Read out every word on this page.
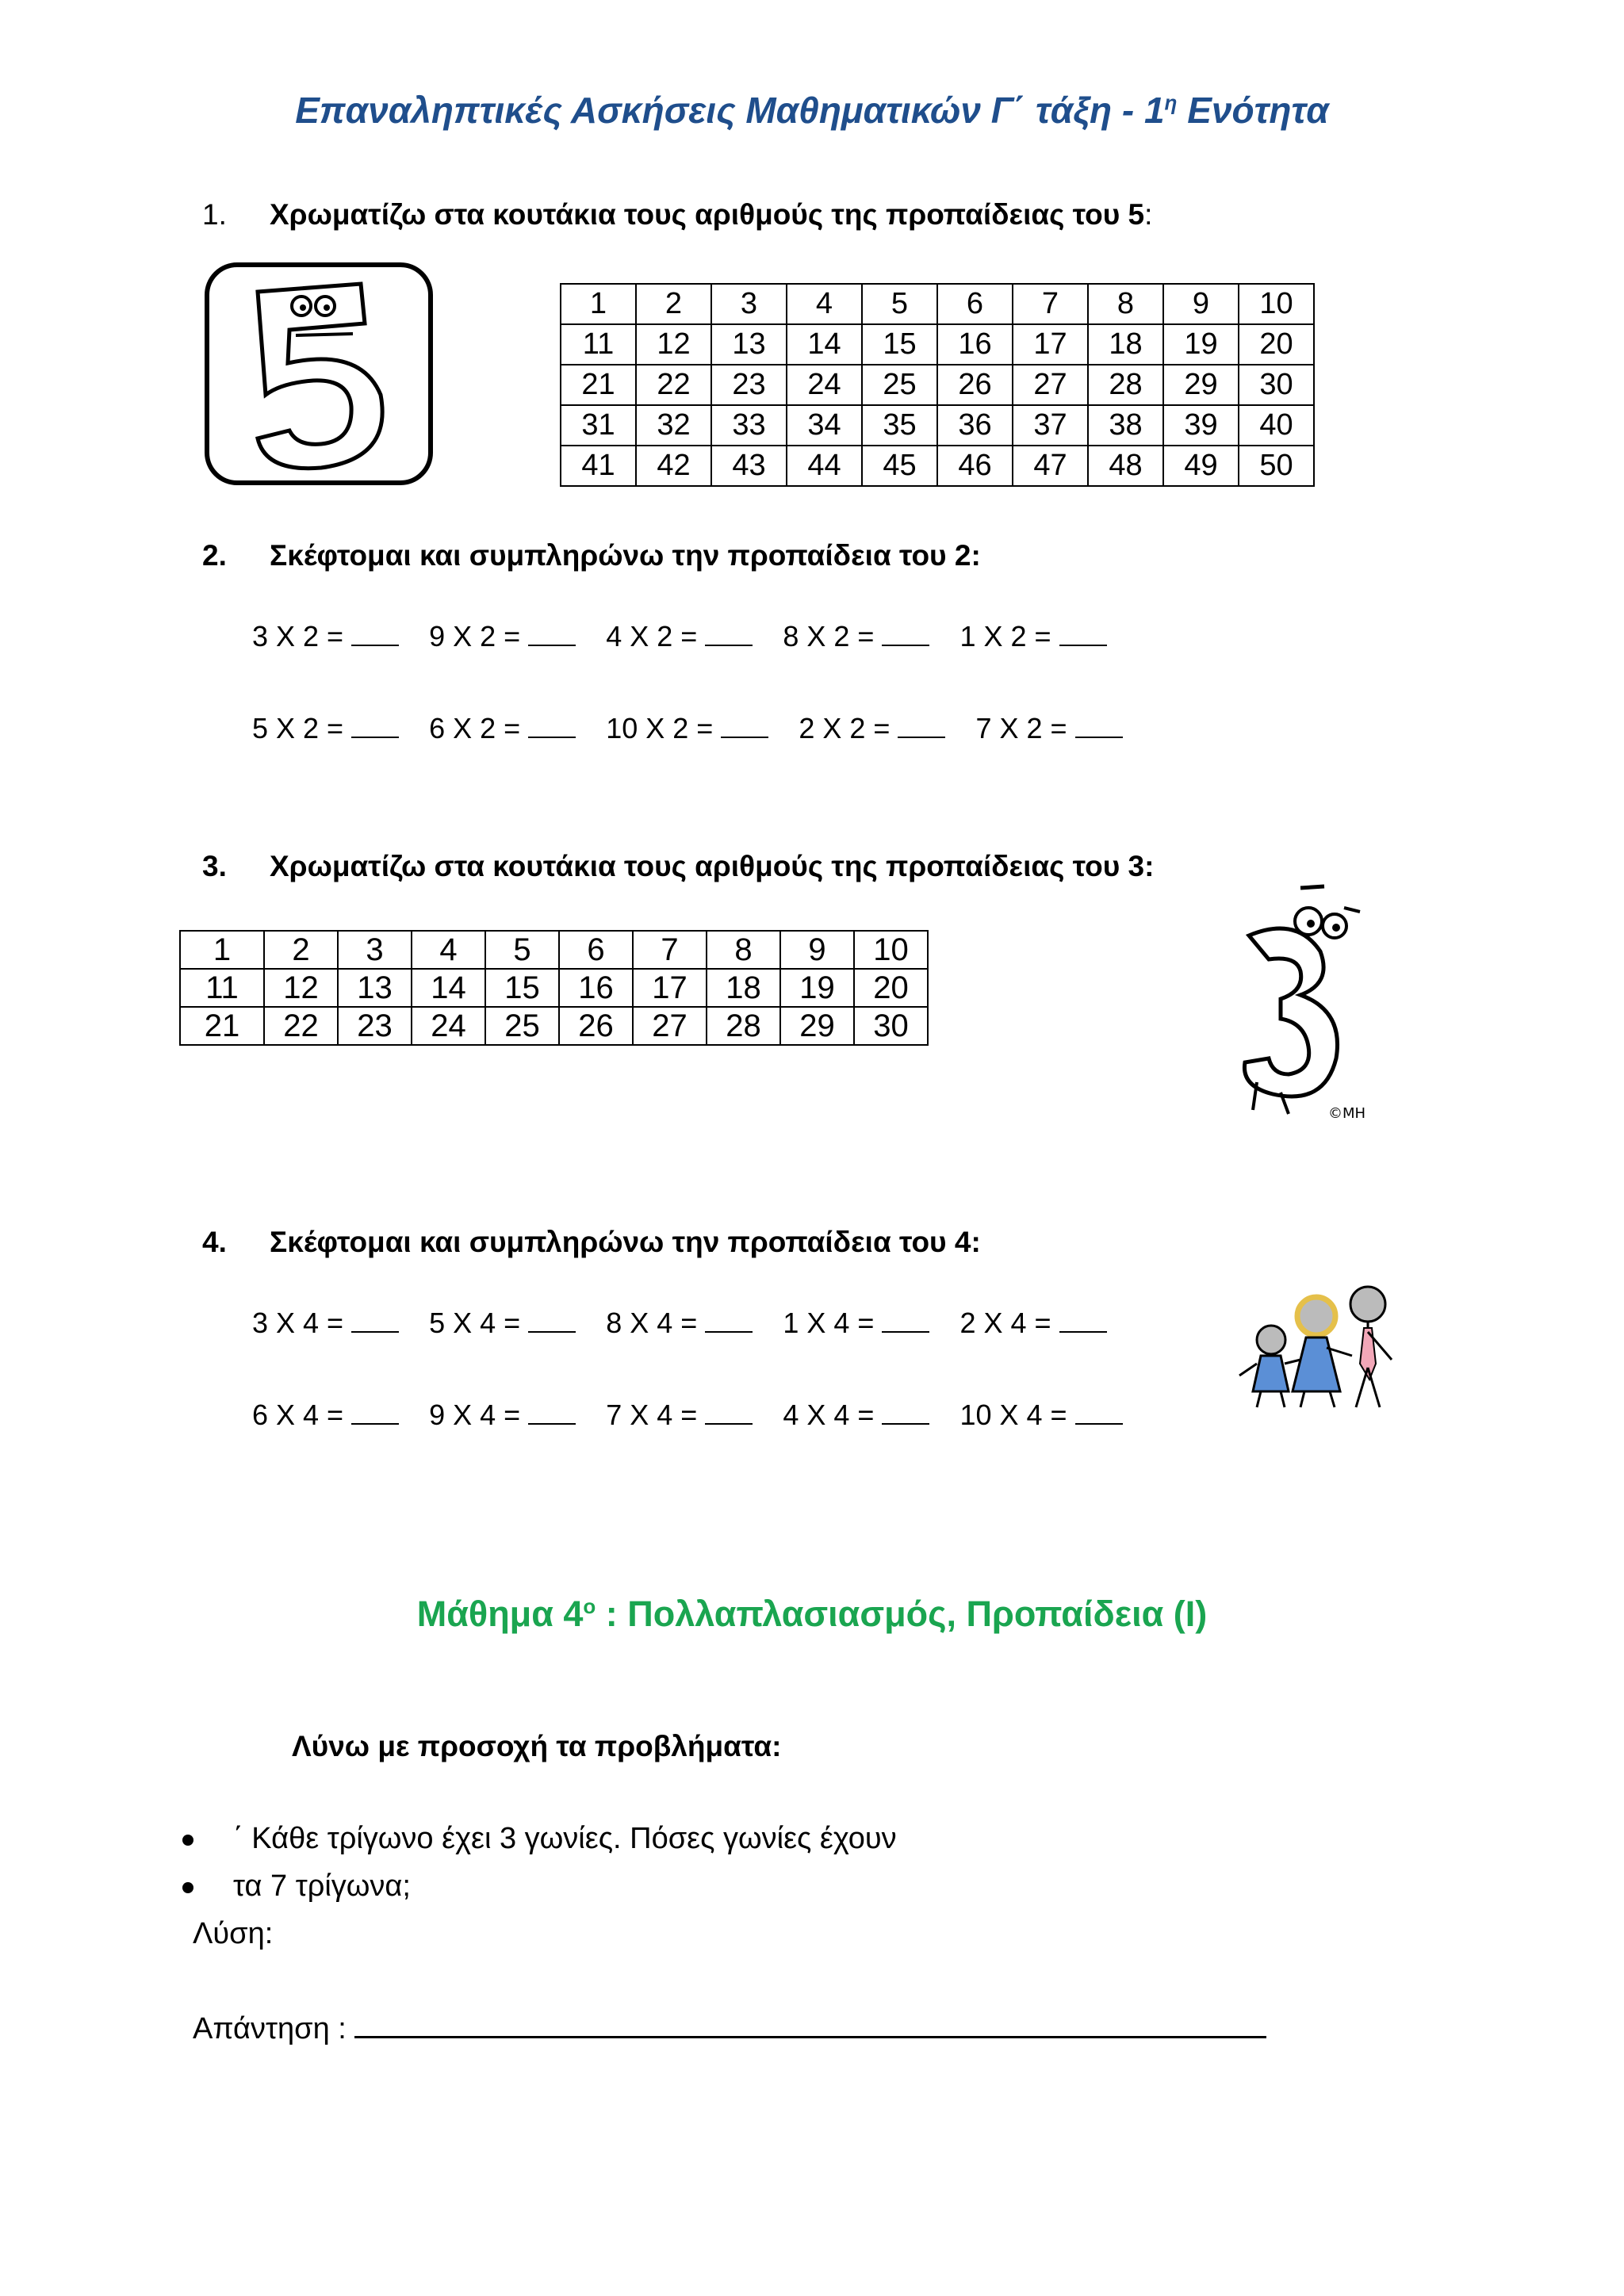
Επαναληπτικές Ασκήσεις Μαθηματικών Γ΄ τάξη - $1^\eta$ Ενότητα
1. Χρωματίζω στα κουτάκια τους αριθμούς της προπαίδειας του 5:
1	2	3	4	5	6	7	8	9	10
11	12	13	14	15	16	17	18	19	20
21	22	23	24	25	26	27	28	29	30
31	32	33	34	35	36	37	38	39	40
41	42	43	44	45	46	47	48	49	50
2. Σκέφτομαι και συμπληρώνω την προπαίδεια του 2:
3 X 2 =	9 X 2 =	4 X 2 =	8 X 2 =	1 X 2 =
5 X 2 =	6 X 2 =	10 X 2 =	2 X 2 =	7 X 2 =
3. Χρωματίζω στα κουτάκια τους αριθμούς της προπαίδειας του 3:
1	2	3	4	5	6	7	8	9	10
11	12	13	14	15	16	17	18	19	20
21	22	23	24	25	26	27	28	29	30
©MH
4. Σκέφτομαι και συμπληρώνω την προπαίδεια του 4:
3 X 4 =	5 X 4 =	8 X 4 =	1 X 4 =	2 X 4 =
6 X 4 =	9 X 4 =	7 X 4 =	4 X 4 =	10 X 4 =
Μάθημα $4^o$ : Πολλαπλασιασμός, Προπαίδεια (Ι)
Λύνω με προσοχή τα προβλήματα:
΄ Κάθε τρίγωνο έχει 3 γωνίες. Πόσες γωνίες έχουν
τα 7 τρίγωνα;
Λύση:
Απάντηση :
